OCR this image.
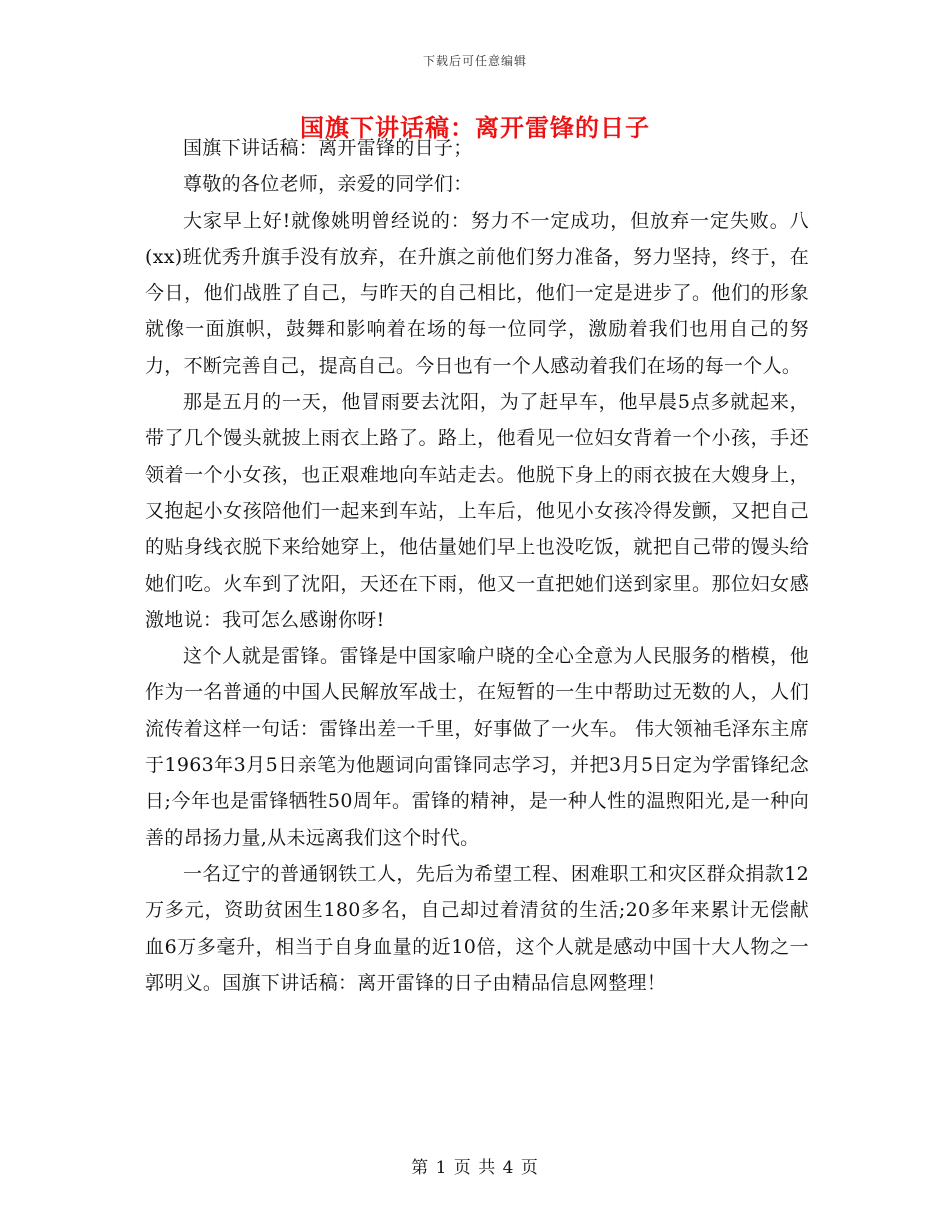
下载后可任意编辑
国旗下讲话稿：离开雷锋的日子

国旗下讲话稿：离开雷锋的日子；

尊敬的各位老师，亲爱的同学们：

大家早上好!就像姚明曾经说的：努力不一定成功，但放弃一定失败。八(xx)班优秀升旗手没有放弃，在升旗之前他们努力准备，努力坚持，终于，在今日，他们战胜了自己，与昨天的自己相比，他们一定是进步了。他们的形象就像一面旗帜，鼓舞和影响着在场的每一位同学，激励着我们也用自己的努力，不断完善自己，提高自己。今日也有一个人感动着我们在场的每一个人。

那是五月的一天，他冒雨要去沈阳，为了赶早车，他早晨5点多就起来，带了几个馒头就披上雨衣上路了。路上，他看见一位妇女背着一个小孩，手还领着一个小女孩，也正艰难地向车站走去。他脱下身上的雨衣披在大嫂身上，又抱起小女孩陪他们一起来到车站，上车后，他见小女孩冷得发颤，又把自己的贴身线衣脱下来给她穿上，他估量她们早上也没吃饭，就把自己带的馒头给她们吃。火车到了沈阳，天还在下雨，他又一直把她们送到家里。那位妇女感激地说：我可怎么感谢你呀!

这个人就是雷锋。雷锋是中国家喻户晓的全心全意为人民服务的楷模，他作为一名普通的中国人民解放军战士，在短暂的一生中帮助过无数的人，人们流传着这样一句话：雷锋出差一千里，好事做了一火车。 伟大领袖毛泽东主席于1963年3月5日亲笔为他题词向雷锋同志学习，并把3月5日定为学雷锋纪念日;今年也是雷锋牺牲50周年。雷锋的精神，是一种人性的温煦阳光,是一种向善的昂扬力量,从未远离我们这个时代。

一名辽宁的普通钢铁工人，先后为希望工程、困难职工和灾区群众捐款12万多元，资助贫困生180多名，自己却过着清贫的生活;20多年来累计无偿献血6万多毫升，相当于自身血量的近10倍，这个人就是感动中国十大人物之一郭明义。国旗下讲话稿：离开雷锋的日子由精品信息网整理！

第 1 页 共 4 页
